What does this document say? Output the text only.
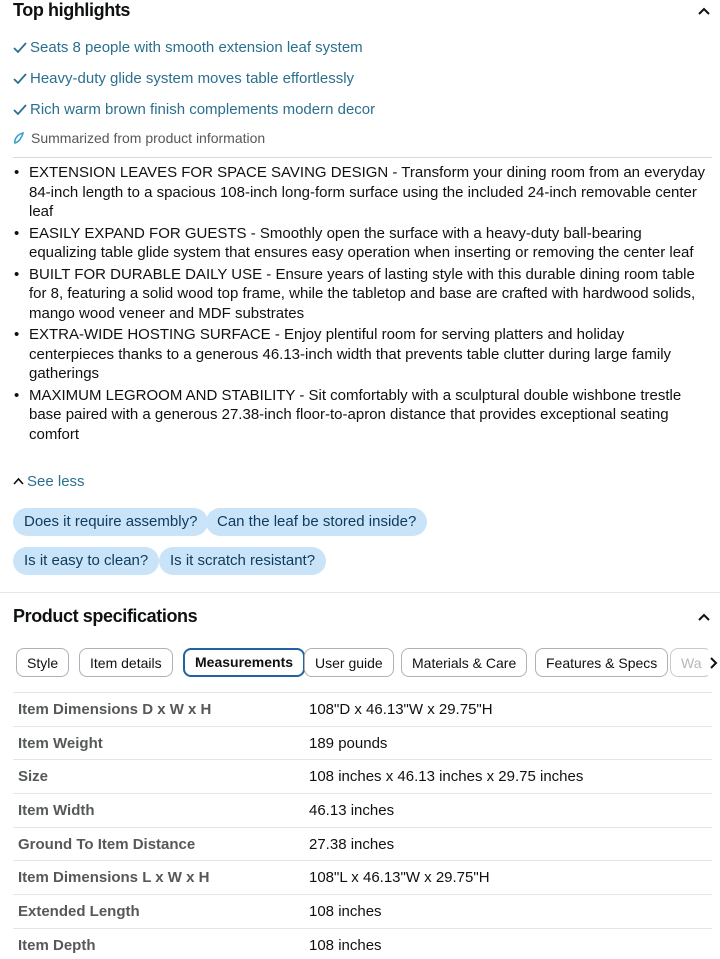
Top highlights
Seats 8 people with smooth extension leaf system
Heavy-duty glide system moves table effortlessly
Rich warm brown finish complements modern decor
Summarized from product information
• EXTENSION LEAVES FOR SPACE SAVING DESIGN - Transform your dining room from an everyday 84-inch length to a spacious 108-inch long-form surface using the included 24-inch removable center leaf
• EASILY EXPAND FOR GUESTS - Smoothly open the surface with a heavy-duty ball-bearing equalizing table glide system that ensures easy operation when inserting or removing the center leaf
• BUILT FOR DURABLE DAILY USE - Ensure years of lasting style with this durable dining room table for 8, featuring a solid wood top frame, while the tabletop and base are crafted with hardwood solids, mango wood veneer and MDF substrates
• EXTRA-WIDE HOSTING SURFACE - Enjoy plentiful room for serving platters and holiday centerpieces thanks to a generous 46.13-inch width that prevents table clutter during large family gatherings
• MAXIMUM LEGROOM AND STABILITY - Sit comfortably with a sculptural double wishbone trestle base paired with a generous 27.38-inch floor-to-apron distance that provides exceptional seating comfort
See less
Does it require assembly?	Can the leaf be stored inside?
Is it easy to clean?	Is it scratch resistant?
Product specifications
Style	Item details	Measurements	User guide	Materials & Care	Features & Specs	Wa
Item Dimensions D x W x H	108"D x 46.13"W x 29.75"H
Item Weight	189 pounds
Size	108 inches x 46.13 inches x 29.75 inches
Item Width	46.13 inches
Ground To Item Distance	27.38 inches
Item Dimensions L x W x H	108"L x 46.13"W x 29.75"H
Extended Length	108 inches
Item Depth	108 inches
